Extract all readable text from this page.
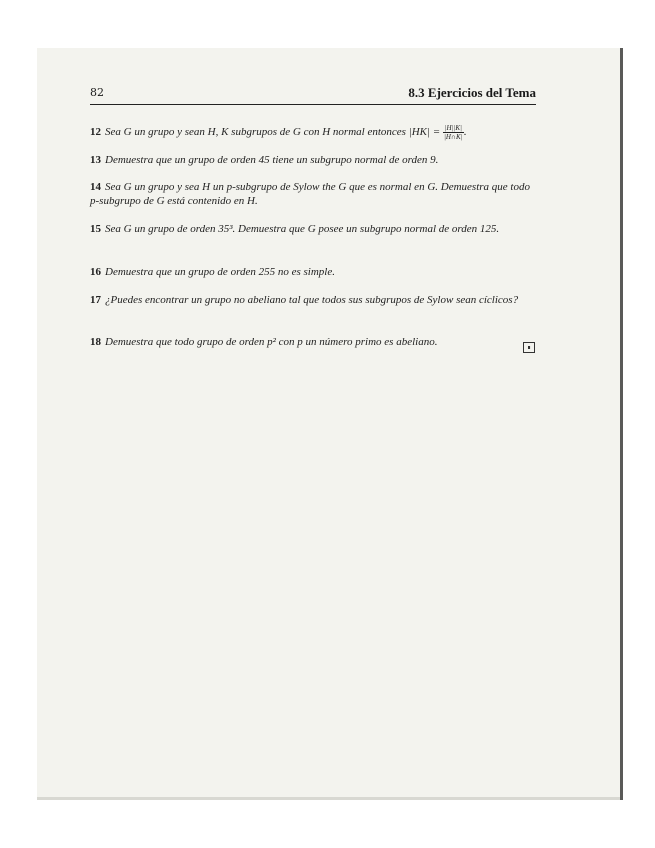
82	8.3 Ejercicios del Tema
12 Sea G un grupo y sean H, K subgrupos de G con H normal entonces $|HK| = \frac{|H||K|}{|H\cap K|}$ .
13 Demuestra que un grupo de orden 45 tiene un subgrupo normal de orden 9.
14 Sea G un grupo y sea H un p-subgrupo de Sylow the G que es normal en G. Demuestra que todo p-subgrupo de G está contenido en H.
15 Sea G un grupo de orden 35³. Demuestra que G posee un subgrupo normal de orden 125.
16 Demuestra que un grupo de orden 255 no es simple.
17 ¿Puedes encontrar un grupo no abeliano tal que todos sus subgrupos de Sylow sean cíclicos?
18 Demuestra que todo grupo de orden p² con p un número primo es abeliano.	∎
